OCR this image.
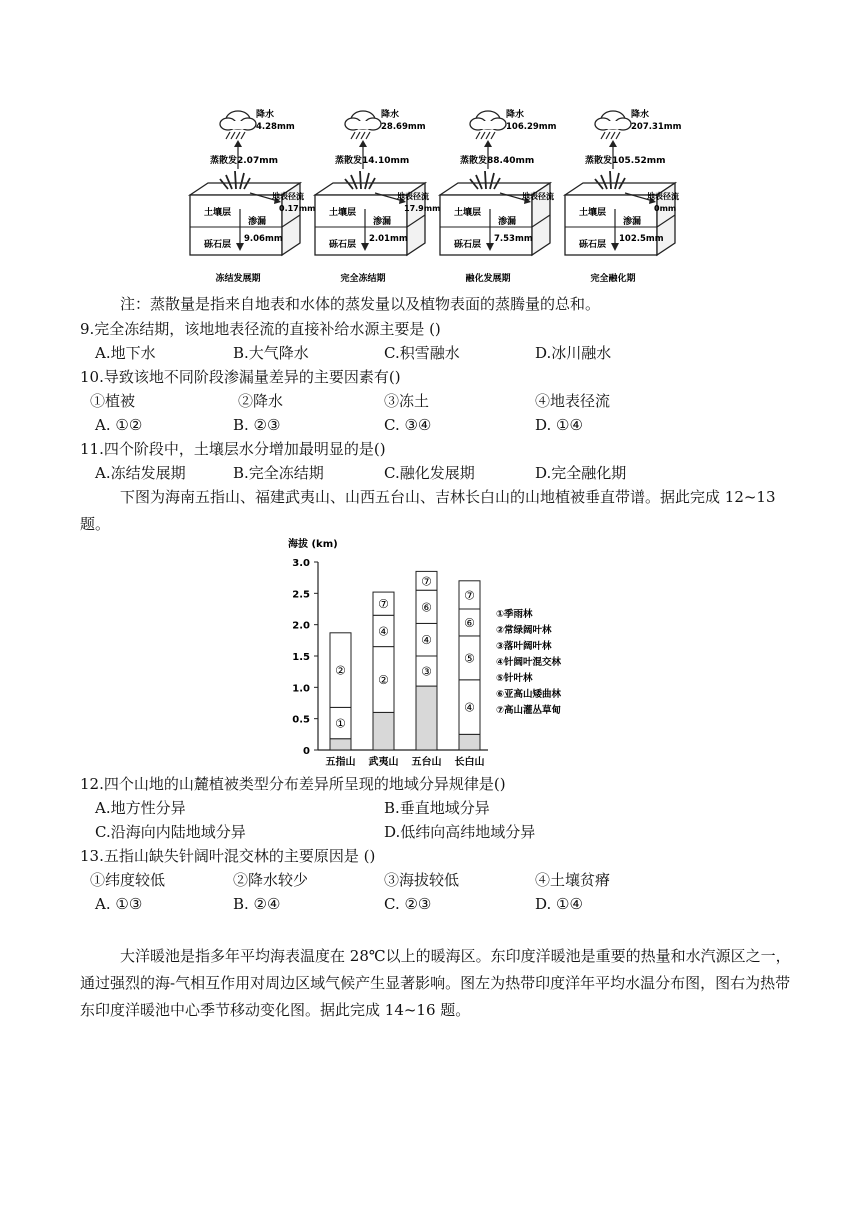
降水
4.28mm
蒸散发2.07mm
地表径流
0.17mm
土壤层
渗漏
9.06mm
砾石层
冻结发展期
降水
28.69mm
蒸散发14.10mm
地表径流
17.9mm
土壤层
渗漏
2.01mm
砾石层
完全冻结期
降水
106.29mm
蒸散发88.40mm
地表径流
土壤层
渗漏
7.53mm
砾石层
融化发展期
降水
207.31mm
蒸散发105.52mm
地表径流
0mm
土壤层
渗漏
102.5mm
砾石层
完全融化期
注：蒸散量是指来自地表和水体的蒸发量以及植物表面的蒸腾量的总和。
9.完全冻结期，该地地表径流的直接补给水源主要是 ()
A.地下水	B.大气降水	C.积雪融水	D.冰川融水
10.导致该地不同阶段渗漏量差异的主要因素有()
①植被	②降水	③冻土	④地表径流
A. ①②	B. ②③	C. ③④	D. ①④
11.四个阶段中，土壤层水分增加最明显的是()
A.冻结发展期	B.完全冻结期	C.融化发展期	D.完全融化期
下图为海南五指山、福建武夷山、山西五台山、吉林长白山的山地植被垂直带谱。据此完成 12~13 题。
海拔 (km)
0
0.5
1.0
1.5
2.0
2.5
3.0
①
②
五指山
②
④
⑦
武夷山
③
④
⑥
⑦
五台山
④
⑤
⑥
⑦
长白山
①季雨林
②常绿阔叶林
③落叶阔叶林
④针阔叶混交林
⑤针叶林
⑥亚高山矮曲林
⑦高山灌丛草甸
12.四个山地的山麓植被类型分布差异所呈现的地域分异规律是()
A.地方性分异	B.垂直地域分异
C.沿海向内陆地域分异	D.低纬向高纬地域分异
13.五指山缺失针阔叶混交林的主要原因是 ()
①纬度较低	②降水较少	③海拔较低	④土壤贫瘠
A. ①③	B. ②④	C. ②③	D. ①④
大洋暖池是指多年平均海表温度在 28℃以上的暖海区。东印度洋暖池是重要的热量和水汽源区之一，通过强烈的海-气相互作用对周边区域气候产生显著影响。图左为热带印度洋年平均水温分布图，图右为热带东印度洋暖池中心季节移动变化图。据此完成 14~16 题。
